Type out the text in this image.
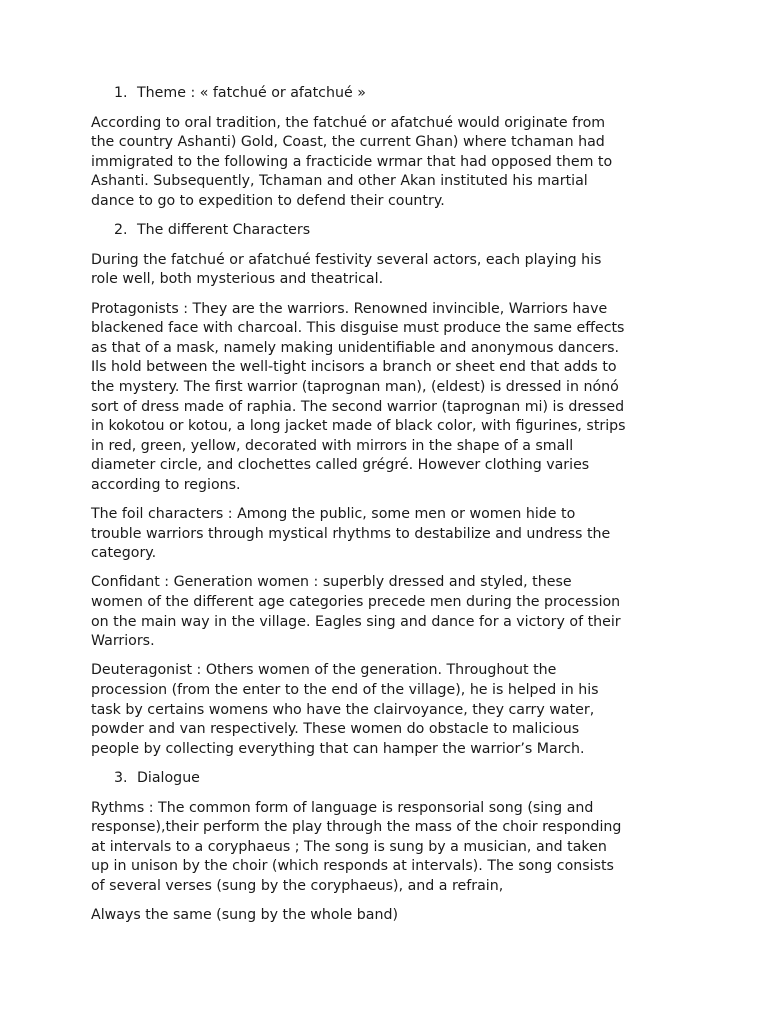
1. Theme : « fatchué or afatchué »

According to oral tradition, the fatchué or afatchué would originate from
the country Ashanti) Gold, Coast, the current Ghan) where tchaman had
immigrated to the following a fracticide wrmar that had opposed them to
Ashanti. Subsequently, Tchaman and other Akan instituted his martial
dance to go to expedition to defend their country.

2. The different Characters

During the fatchué or afatchué festivity several actors, each playing his
role well, both mysterious and theatrical.

Protagonists : They are the warriors. Renowned invincible, Warriors have
blackened face with charcoal. This disguise must produce the same effects
as that of a mask, namely making unidentifiable and anonymous dancers.
Ils hold between the well-tight incisors a branch or sheet end that adds to
the mystery. The first warrior (taprognan man), (eldest) is dressed in nónó
sort of dress made of raphia. The second warrior (taprognan mi) is dressed
in kokotou or kotou, a long jacket made of black color, with figurines, strips
in red, green, yellow, decorated with mirrors in the shape of a small
diameter circle, and clochettes called grégré. However clothing varies
according to regions.

The foil characters : Among the public, some men or women hide to
trouble warriors through mystical rhythms to destabilize and undress the
category.

Confidant : Generation women : superbly dressed and styled, these
women of the different age categories precede men during the procession
on the main way in the village. Eagles sing and dance for a victory of their
Warriors.

Deuteragonist : Others women of the generation. Throughout the
procession (from the enter to the end of the village), he is helped in his
task by certains womens who have the clairvoyance, they carry water,
powder and van respectively. These women do obstacle to malicious
people by collecting everything that can hamper the warrior’s March.

3. Dialogue

Rythms : The common form of language is responsorial song (sing and
response),their perform the play through the mass of the choir responding
at intervals to a coryphaeus ; The song is sung by a musician, and taken
up in unison by the choir (which responds at intervals). The song consists
of several verses (sung by the coryphaeus), and a refrain,

Always the same (sung by the whole band)
